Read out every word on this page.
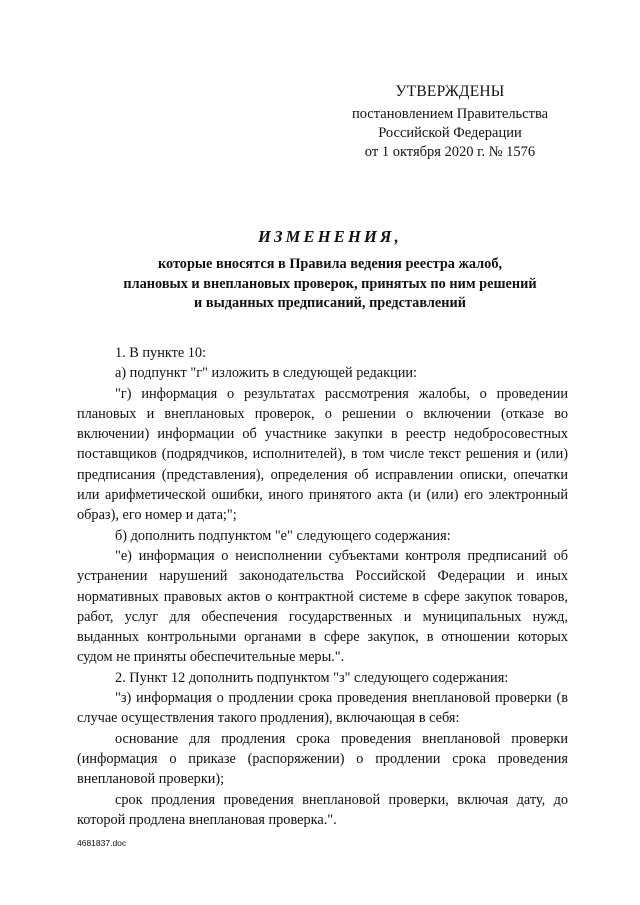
УТВЕРЖДЕНЫ
постановлением Правительства
Российской Федерации
от 1 октября 2020 г. № 1576
ИЗМЕНЕНИЯ,
которые вносятся в Правила ведения реестра жалоб,
плановых и внеплановых проверок, принятых по ним решений
и выданных предписаний, представлений

1. В пункте 10:

а) подпункт "г" изложить в следующей редакции:

"г) информация о результатах рассмотрения жалобы, о проведении плановых и внеплановых проверок, о решении о включении (отказе во включении) информации об участнике закупки в реестр недобросовестных поставщиков (подрядчиков, исполнителей), в том числе текст решения и (или) предписания (представления), определения об исправлении описки, опечатки или арифметической ошибки, иного принятого акта (и (или) его электронный образ), его номер и дата;";

б) дополнить подпунктом "е" следующего содержания:

"е) информация о неисполнении субъектами контроля предписаний об устранении нарушений законодательства Российской Федерации и иных нормативных правовых актов о контрактной системе в сфере закупок товаров, работ, услуг для обеспечения государственных и муниципальных нужд, выданных контрольными органами в сфере закупок, в отношении которых судом не приняты обеспечительные меры.".

2. Пункт 12 дополнить подпунктом "з" следующего содержания:

"з) информация о продлении срока проведения внеплановой проверки (в случае осуществления такого продления), включающая в себя:

основание для продления срока проведения внеплановой проверки (информация о приказе (распоряжении) о продлении срока проведения внеплановой проверки);

срок продления проведения внеплановой проверки, включая дату, до которой продлена внеплановая проверка.".

4681837.doc
